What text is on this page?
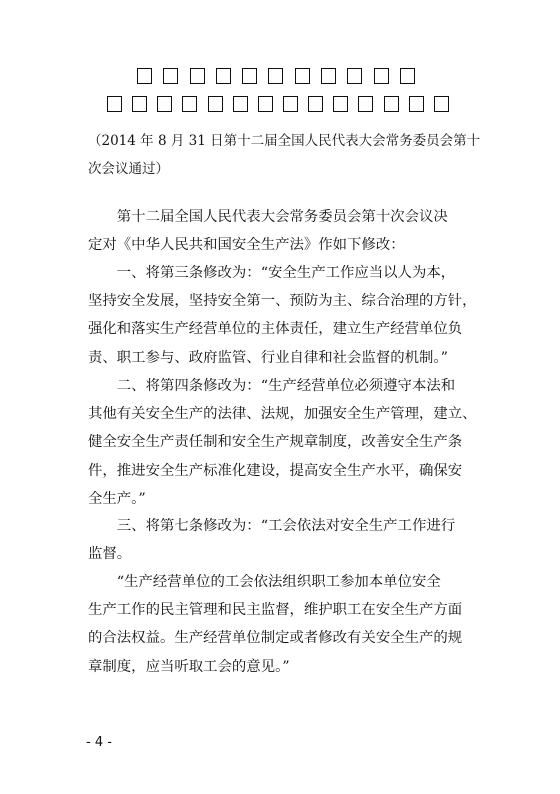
（2014 年 8 月 31 日第十二届全国人民代表大会常务委员会第十
次会议通过）
　　第十二届全国人民代表大会常务委员会第十次会议决
定对《中华人民共和国安全生产法》作如下修改：
　　一、将第三条修改为：“安全生产工作应当以人为本，
坚持安全发展，坚持安全第一、预防为主、综合治理的方针，
强化和落实生产经营单位的主体责任，建立生产经营单位负
责、职工参与、政府监管、行业自律和社会监督的机制。”
　　二、将第四条修改为：“生产经营单位必须遵守本法和
其他有关安全生产的法律、法规，加强安全生产管理，建立、
健全安全生产责任制和安全生产规章制度，改善安全生产条
件，推进安全生产标准化建设，提高安全生产水平，确保安
全生产。”
　　三、将第七条修改为：“工会依法对安全生产工作进行
监督。
　　“生产经营单位的工会依法组织职工参加本单位安全
生产工作的民主管理和民主监督，维护职工在安全生产方面
的合法权益。生产经营单位制定或者修改有关安全生产的规
章制度，应当听取工会的意见。”
- 4 -
